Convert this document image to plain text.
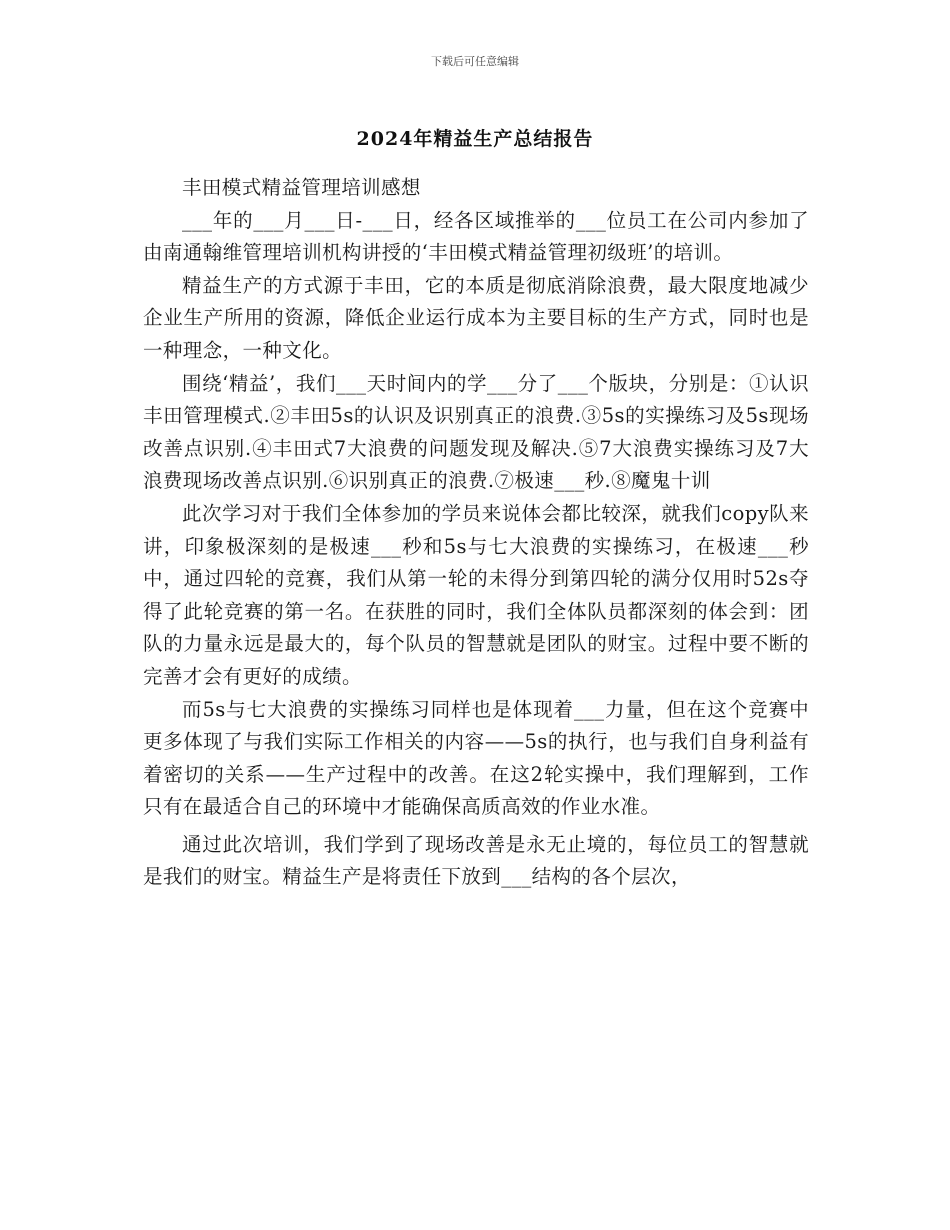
下载后可任意编辑
2024年精益生产总结报告

丰田模式精益管理培训感想

___年的___月___日-___日，经各区域推举的___位员工在公司内参加了由南通翰维管理培训机构讲授的‘丰田模式精益管理初级班’的培训。

精益生产的方式源于丰田，它的本质是彻底消除浪费，最大限度地减少企业生产所用的资源，降低企业运行成本为主要目标的生产方式，同时也是一种理念，一种文化。

围绕‘精益’，我们___天时间内的学___分了___个版块，分别是：①认识丰田管理模式.②丰田5s的认识及识别真正的浪费.③5s的实操练习及5s现场改善点识别.④丰田式7大浪费的问题发现及解决.⑤7大浪费实操练习及7大浪费现场改善点识别.⑥识别真正的浪费.⑦极速___秒.⑧魔鬼十训

此次学习对于我们全体参加的学员来说体会都比较深，就我们copy队来讲，印象极深刻的是极速___秒和5s与七大浪费的实操练习，在极速___秒中，通过四轮的竞赛，我们从第一轮的未得分到第四轮的满分仅用时52s夺得了此轮竞赛的第一名。在获胜的同时，我们全体队员都深刻的体会到：团队的力量永远是最大的，每个队员的智慧就是团队的财宝。过程中要不断的完善才会有更好的成绩。

而5s与七大浪费的实操练习同样也是体现着___力量，但在这个竞赛中更多体现了与我们实际工作相关的内容——5s的执行，也与我们自身利益有着密切的关系——生产过程中的改善。在这2轮实操中，我们理解到，工作只有在最适合自己的环境中才能确保高质高效的作业水准。

通过此次培训，我们学到了现场改善是永无止境的，每位员工的智慧就是我们的财宝。精益生产是将责任下放到___结构的各个层次，
